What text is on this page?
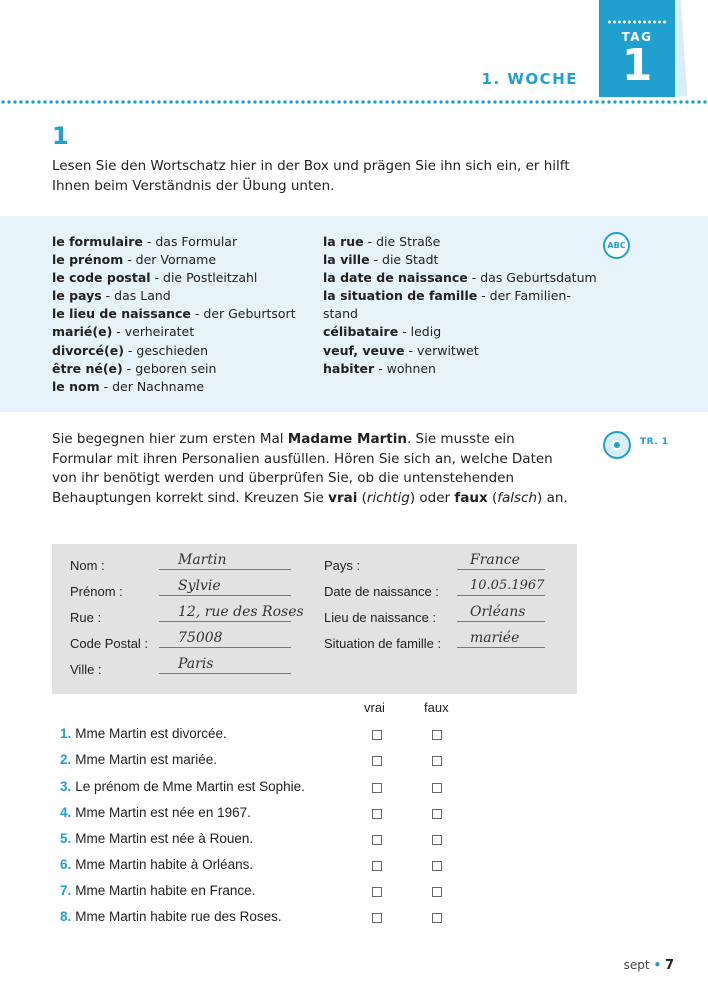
TAG
1
1. WOCHE
1
Lesen Sie den Wortschatz hier in der Box und prägen Sie ihn sich ein, er hilft Ihnen beim Verständnis der Übung unten.
le formulaire - das Formular
le prénom - der Vorname
le code postal - die Postleitzahl
le pays - das Land
le lieu de naissance - der Geburtsort
marié(e) - verheiratet
divorcé(e) - geschieden
être né(e) - geboren sein
le nom - der Nachname
la rue - die Straße
la ville - die Stadt
la date de naissance - das Geburtsdatum
la situation de famille - der Familien-
stand
célibataire - ledig
veuf, veuve - verwitwet
habiter - wohnen
ABC
Sie begegnen hier zum ersten Mal Madame Martin. Sie musste ein Formular mit ihren Personalien ausfüllen. Hören Sie sich an, welche Daten von ihr benötigt werden und überprüfen Sie, ob die untenstehenden Behauptungen korrekt sind. Kreuzen Sie vrai (richtig) oder faux (falsch) an.
TR. 1
Nom :	Martin
Prénom :	Sylvie
Rue :	12, rue des Roses
Code Postal : 75008
Ville :	Paris
Pays :	France
Date de naissance : 10.05.1967
Lieu de naissance : Orléans
Situation de famille : mariée
vrai	faux
1. Mme Martin est divorcée.
2. Mme Martin est mariée.
3. Le prénom de Mme Martin est Sophie.
4. Mme Martin est née en 1967.
5. Mme Martin est née à Rouen.
6. Mme Martin habite à Orléans.
7. Mme Martin habite en France.
8. Mme Martin habite rue des Roses.
sept • 7
